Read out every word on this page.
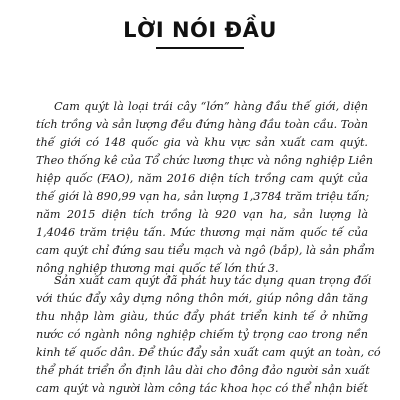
LỜI NÓI ĐẦU
Cam quýt là loại trái cây “lớn” hàng đầu thế giới, diện
tích trồng và sản lượng đều đứng hàng đầu toàn cầu. Toàn
thế giới có 148 quốc gia và khu vực sản xuất cam quýt.
Theo thống kê của Tổ chức lương thực và nông nghiệp Liên
hiệp quốc (FAO), năm 2016 diện tích trồng cam quýt của
thế giới là 890,99 vạn ha, sản lượng 1,3784 trăm triệu tấn;
năm 2015 diện tích trồng là 920 vạn ha, sản lượng là
1,4046 trăm triệu tấn. Mức thương mại năm quốc tế của
cam quýt chỉ đứng sau tiểu mạch và ngô (bắp), là sản phẩm
nông nghiệp thương mại quốc tế lớn thứ 3.
Sản xuất cam quýt đã phát huy tác dụng quan trọng đối
với thúc đẩy xây dựng nông thôn mới, giúp nông dân tăng
thu nhập làm giàu, thúc đẩy phát triển kinh tế ở những
nước có ngành nông nghiệp chiếm tỷ trọng cao trong nền
kinh tế quốc dân. Để thúc đẩy sản xuất cam quýt an toàn, có
thể phát triển ổn định lâu dài cho đông đảo người sản xuất
cam quýt và người làm công tác khoa học có thể nhận biết
